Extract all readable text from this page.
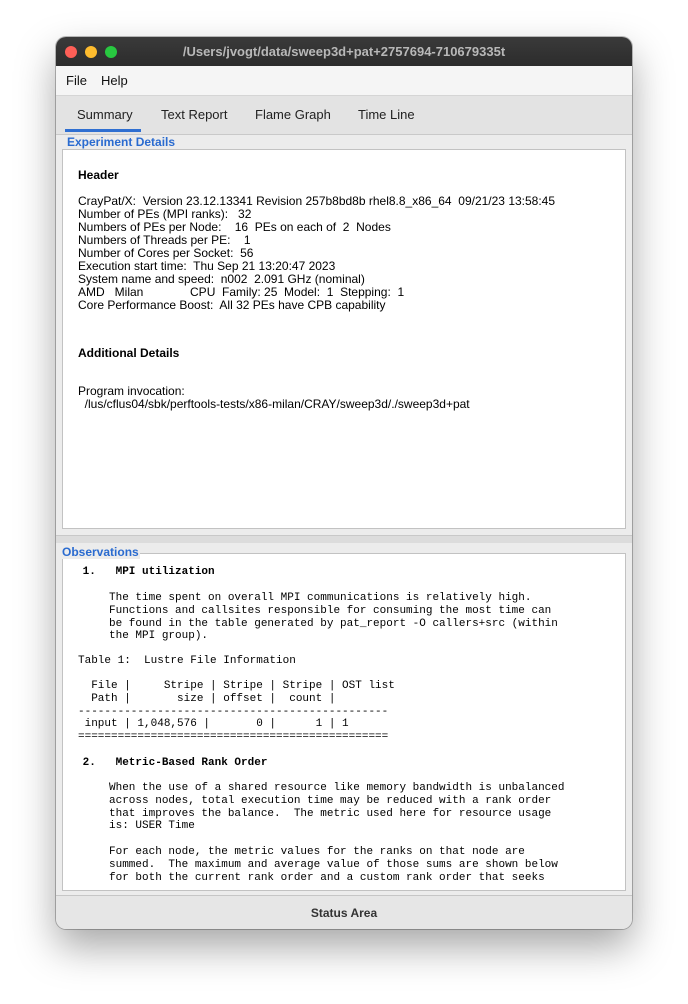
/Users/jvogt/data/sweep3d+pat+2757694-710679335t
File Help
Summary Text Report Flame Graph Time Line
Header
CrayPat/X:  Version 23.12.13341 Revision 257b8bd8b rhel8.8_x86_64  09/21/23 13:58:45
Number of PEs (MPI ranks):   32
Numbers of PEs per Node:    16  PEs on each of  2  Nodes
Numbers of Threads per PE:    1
Number of Cores per Socket:  56
Execution start time:  Thu Sep 21 13:20:47 2023
System name and speed:  n002  2.091 GHz (nominal)
AMD   Milan              CPU  Family: 25  Model:  1  Stepping:  1
Core Performance Boost:  All 32 PEs have CPB capability
Additional Details
Program invocation:
/lus/cflus04/sbk/perftools-tests/x86-milan/CRAY/sweep3d/./sweep3d+pat
Experiment Details
1.   MPI utilization
The time spent on overall MPI communications is relatively high.
Functions and callsites responsible for consuming the most time can
be found in the table generated by pat_report -O callers+src (within
the MPI group).
Table 1:  Lustre File Information
File |     Stripe | Stripe | Stripe | OST list
Path |       size | offset |  count |
-----------------------------------------------
input | 1,048,576 |       0 |      1 | 1
===============================================
2.   Metric-Based Rank Order
When the use of a shared resource like memory bandwidth is unbalanced
across nodes, total execution time may be reduced with a rank order
that improves the balance.  The metric used here for resource usage
is: USER Time

For each node, the metric values for the ranks on that node are
summed.  The maximum and average value of those sums are shown below
for both the current rank order and a custom rank order that seeks
Observations
Status Area
